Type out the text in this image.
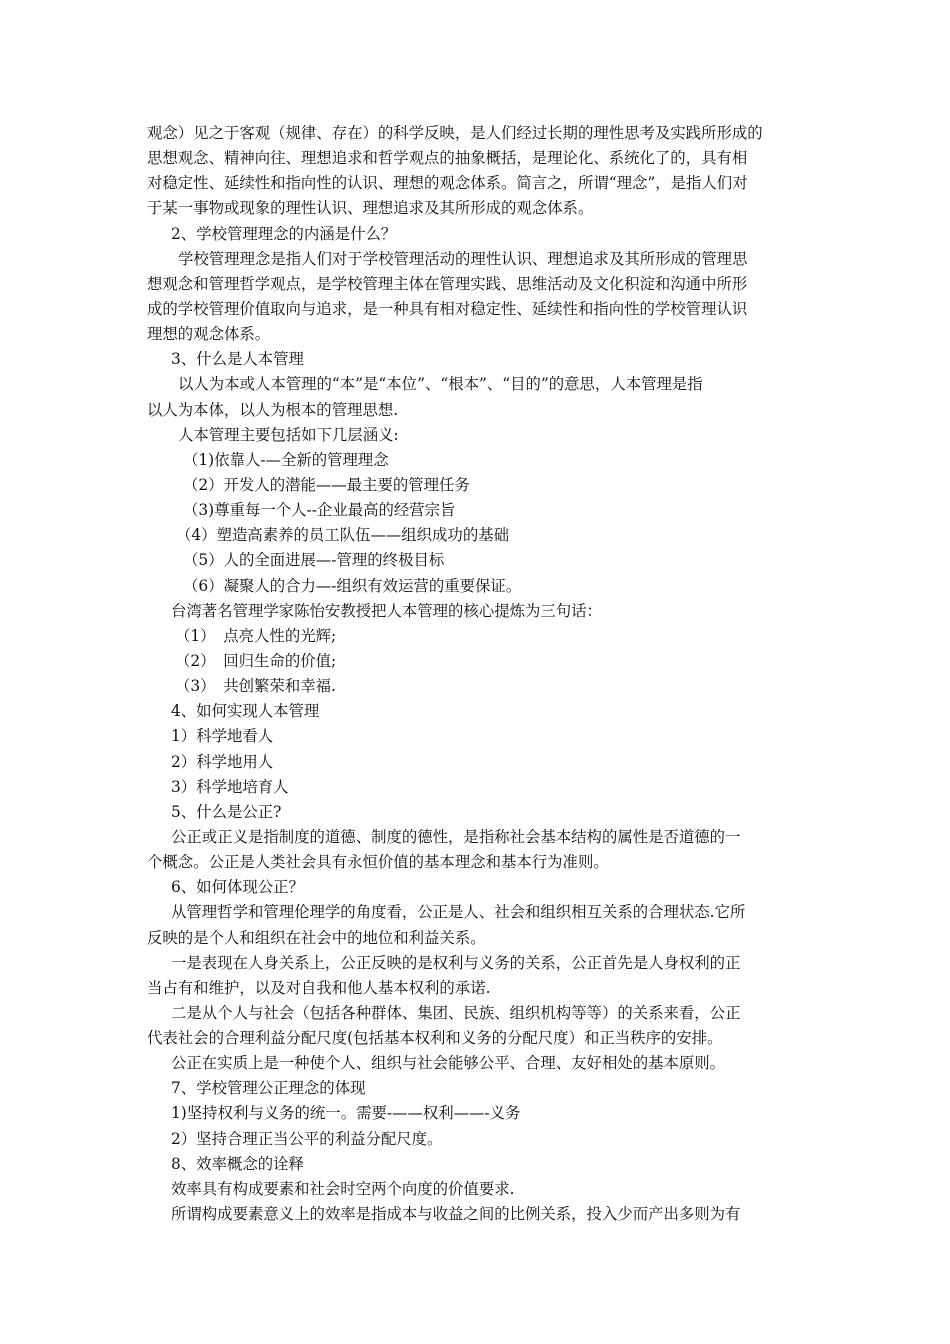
观念）见之于客观（规律、存在）的科学反映，是人们经过长期的理性思考及实践所形成的
思想观念、精神向往、理想追求和哲学观点的抽象概括，是理论化、系统化了的，具有相
对稳定性、延续性和指向性的认识、理想的观念体系。简言之，所谓“理念”，是指人们对
于某一事物或现象的理性认识、理想追求及其所形成的观念体系。
2、学校管理理念的内涵是什么？
学校管理理念是指人们对于学校管理活动的理性认识、理想追求及其所形成的管理思
想观念和管理哲学观点，是学校管理主体在管理实践、思维活动及文化积淀和沟通中所形
成的学校管理价值取向与追求，是一种具有相对稳定性、延续性和指向性的学校管理认识
理想的观念体系。
3、什么是人本管理
以人为本或人本管理的“本”是“本位”、“根本”、“目的”的意思，人本管理是指
以人为本体，以人为根本的管理思想.
人本管理主要包括如下几层涵义:
（1)依靠人-—全新的管理理念
（2）开发人的潜能——最主要的管理任务
（3)尊重每一个人--企业最高的经营宗旨
（4）塑造高素养的员工队伍——组织成功的基础
（5）人的全面进展—-管理的终极目标
（6）凝聚人的合力—-组织有效运营的重要保证。
台湾著名管理学家陈怡安教授把人本管理的核心提炼为三句话：
（1）　点亮人性的光辉;
（2）　回归生命的价值;
（3）　共创繁荣和幸福.
4、如何实现人本管理
1）科学地看人
2）科学地用人
3）科学地培育人
5、什么是公正?
公正或正义是指制度的道德、制度的德性，是指称社会基本结构的属性是否道德的一
个概念。公正是人类社会具有永恒价值的基本理念和基本行为准则。
6、如何体现公正？
从管理哲学和管理伦理学的角度看，公正是人、社会和组织相互关系的合理状态.它所
反映的是个人和组织在社会中的地位和利益关系。
一是表现在人身关系上，公正反映的是权利与义务的关系，公正首先是人身权利的正
当占有和维护，以及对自我和他人基本权利的承诺.
二是从个人与社会（包括各种群体、集团、民族、组织机构等等）的关系来看，公正
代表社会的合理利益分配尺度(包括基本权利和义务的分配尺度）和正当秩序的安排。
公正在实质上是一种使个人、组织与社会能够公平、合理、友好相处的基本原则。
7、学校管理公正理念的体现
1)坚持权利与义务的统一。需要-——权利——-义务
2）坚持合理正当公平的利益分配尺度。
8、效率概念的诠释
效率具有构成要素和社会时空两个向度的价值要求.
所谓构成要素意义上的效率是指成本与收益之间的比例关系，投入少而产出多则为有
